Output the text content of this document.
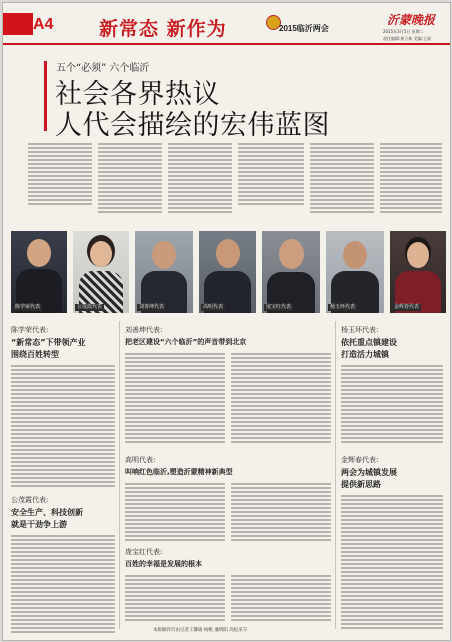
A4 新常态 新作为	2015临沂两会
沂蒙晚报
2015年3月5日 星期二
责任编辑:崔立新 美编:王丽
五个“必须” 六个临沂
社会各界热议
人代会描绘的宏伟蓝图
陈学荣代表	公茂霞代表	刘善坤代表	高明代表	庞宝红代表	杨玉环代表	金辉春代表
陈学荣代表:
“新常态”下带领产业
围绕百姓转型
公茂霞代表:
安全生产、科技创新
就是干劲争上游
刘善坤代表:
把老区建设“六个临沂”的声音带到北京
高明代表:
叫响红色临沂,塑造沂蒙精神新典型
庞宝红代表:
百姓的幸福是发展的根本
杨玉环代表:
依托重点镇建设
打造活力城镇
金辉春代表:
两会为城镇发展
提供新思路
本版稿件均由记者王馨瑜 杨帆 潘明阳 高松采写
